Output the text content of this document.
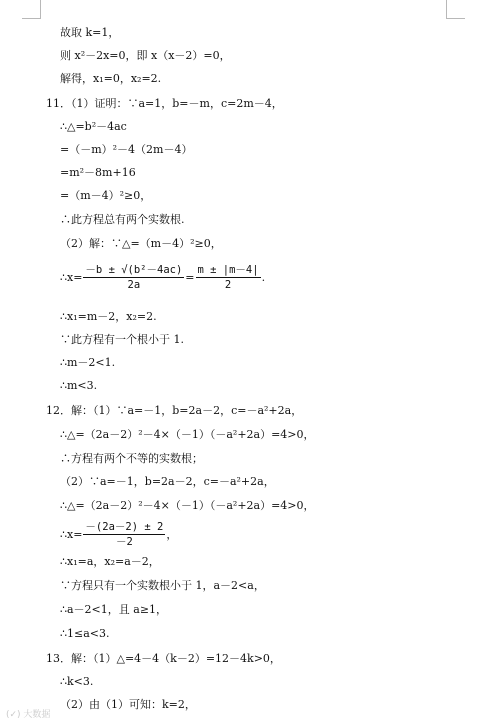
故取 k=1，
则 x²－2x=0，即 x（x－2）=0，
解得，x₁=0，x₂=2.
11．（1）证明：∵a=1，b=－m，c=2m－4，
∴△=b²－4ac
=（－m）²－4（2m－4）
=m²－8m+16
=（m－4）²≥0，
∴此方程总有两个实数根.
（2）解：∵△=（m－4）²≥0，
∴x= $\frac{\text{－b ± √(b²－4ac)}}{2a} = \frac{m \pm |m-4|}{2}$ .
∴x₁=m－2，x₂=2.
∵此方程有一个根小于 1.
∴m－2<1.
∴m<3.
12．解：（1）∵a=－1，b=2a－2，c=－a²+2a，
∴△=（2a－2）²－4×（－1）（－a²+2a）=4>0，
∴方程有两个不等的实数根；
（2）∵a=－1，b=2a－2，c=－a²+2a，
∴△=（2a－2）²－4×（－1）（－a²+2a）=4>0，
∴x= $\frac{-(2a-2) \pm 2}{-2}$ ，
∴x₁=a，x₂=a－2，
∵方程只有一个实数根小于 1，a－2<a，
∴a－2<1，且 a≥1，
∴1≤a<3.
13．解：（1）△=4－4（k－2）=12－4k>0，
∴k<3.
（2）由（1）可知：k=2，
(✓) 大数据
